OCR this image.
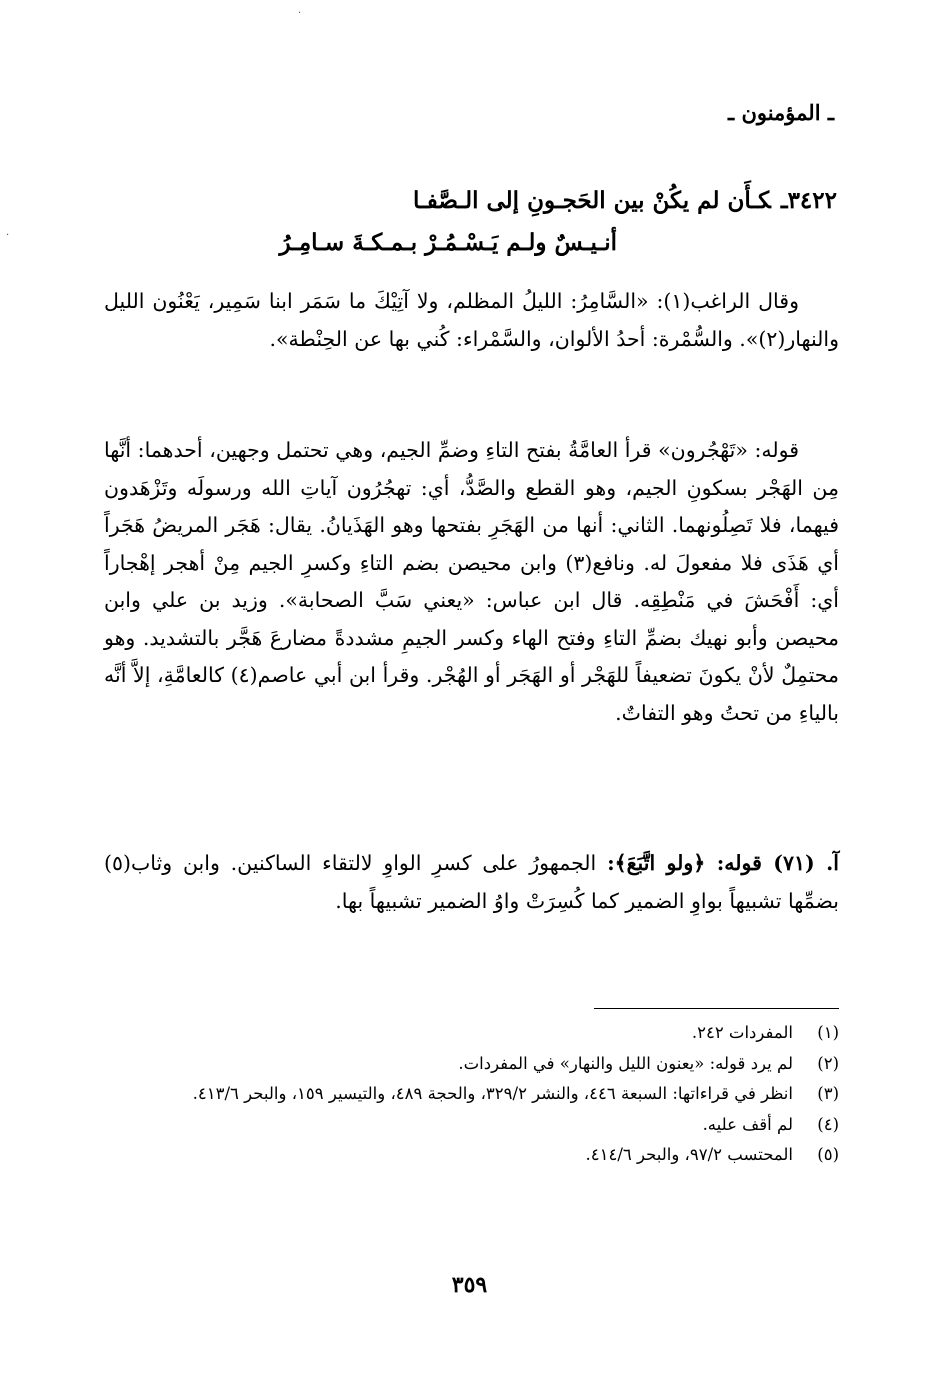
·
·
ـ المؤمنون ـ
٣٤٢٢ـكـأَن لم يكُنْ بين الحَجـونِ إلى الـصَّفـا
أنـيـسٌ ولـم يَـسْـمُـرْ بـمـكـةَ سـامِـرُ
وقال الراغب(١): «السَّامِرُ: الليلُ المظلم، ولا آتِيْكَ ما سَمَر ابنا سَمِير، يَعْنُون الليل والنهار(٢)». والسُّمْرة: أحدُ الألوان، والسَّمْراء: كُني بها عن الحِنْطة».
قوله: «تَهْجُرون» قرأ العامَّةُ بفتح التاءِ وضمِّ الجيم، وهي تحتمل وجهين، أحدهما: أنَّها مِن الهَجْر بسكونِ الجيم، وهو القطع والصَّدُّ، أي: تهجُرُون آياتِ الله ورسولَه وتَزْهَدون فيهما، فلا تَصِلُونهما. الثاني: أنها من الهَجَرِ بفتحها وهو الهَذَيانُ. يقال: هَجَر المريضُ هَجَراً أي هَذَى فلا مفعولَ له. ونافع(٣) وابن محيصن بضم التاءِ وكسرِ الجيم مِنْ أهجر إهْجاراً أي: أَفْحَشَ في مَنْطِقِه. قال ابن عباس: «يعني سَبَّ الصحابة». وزيد بن علي وابن محيصن وأبو نهيك بضمِّ التاءِ وفتح الهاء وكسر الجيمِ مشددةً مضارعَ هَجَّر بالتشديد. وهو محتمِلٌ لأنْ يكونَ تضعيفاً للهَجْر أو الهَجَر أو الهُجْر. وقرأ ابن أبي عاصم(٤) كالعامَّةِ، إلاَّ أنَّه بالياءِ من تحتُ وهو التفاتٌ.
آ. (٧١) قوله: ﴿ولو اتَّبَعَ﴾: الجمهورُ على كسرِ الواوِ لالتقاء الساكنين. وابن وثاب(٥) بضمِّها تشبيهاً بواوِ الضمير كما كُسِرَتْ واوُ الضمير تشبيهاً بها.
(١)
المفردات ٢٤٢.
(٢)
لم يرد قوله: «يعنون الليل والنهار» في المفردات.
(٣)
انظر في قراءاتها: السبعة ٤٤٦، والنشر ٣٢٩/٢، والحجة ٤٨٩، والتيسير ١٥٩، والبحر ٤١٣/٦.
(٤)
لم أقف عليه.
(٥)
المحتسب ٩٧/٢، والبحر ٤١٤/٦.
٣٥٩
